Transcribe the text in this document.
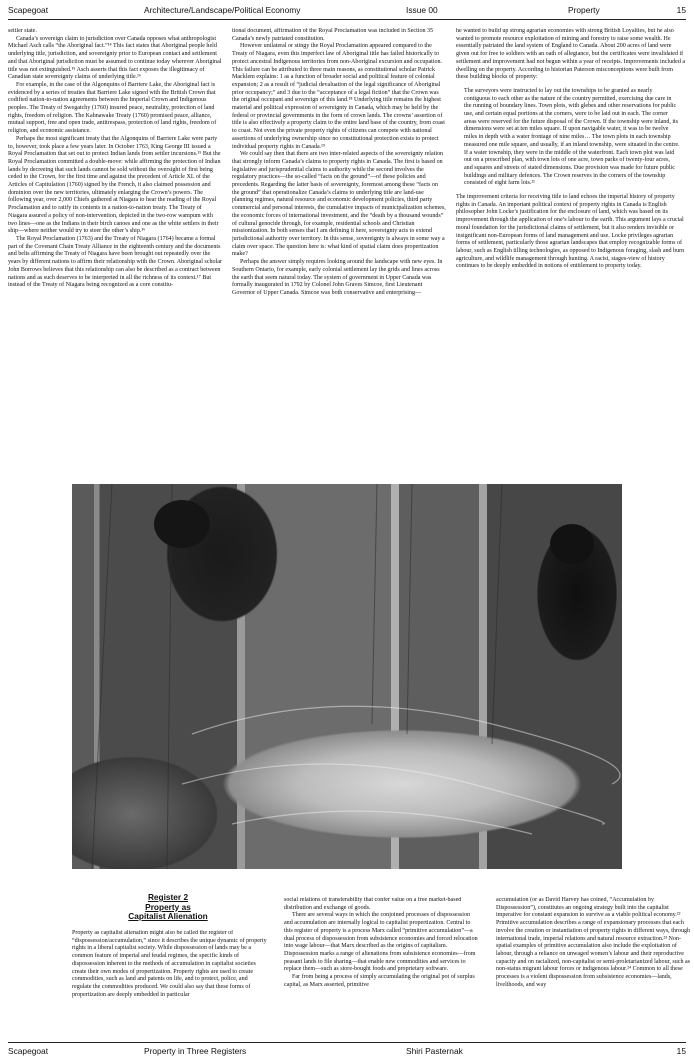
Scapegoat	Architecture/Landscape/Political Economy	Issue 00	Property	15

settler state.

Canada’s sovereign claim to jurisdiction over Canada opposes what anthropologist Michael Asch calls “the Aboriginal fact.”¹⁴ This fact states that Aboriginal people held underlying title, jurisdiction, and sovereignty prior to European contact and settlement and that Aboriginal jurisdiction must be assumed to continue today wherever Aboriginal title was not extinguished.¹⁵ Asch asserts that this fact exposes the illegitimacy of Canadian state sovereignty claims of underlying title.¹⁶

For example, in the case of the Algonquins of Barriere Lake, the Aboriginal fact is evidenced by a series of treaties that Barriere Lake signed with the British Crown that codified nation-to-nation agreements between the Imperial Crown and Indigenous peoples. The Treaty of Swegatchy (1760) insured peace, neutrality, protection of land rights, freedom of religion. The Kahnawake Treaty (1760) promised peace, alliance, mutual support, free and open trade, antitrespass, protection of land rights, freedom of religion, and economic assistance.

Perhaps the most significant treaty that the Algonquins of Barriere Lake were party to, however, took place a few years later. In October 1763, King George III issued a Royal Proclamation that set out to protect Indian lands from settler incursions.¹⁵ But the Royal Proclamation committed a double-move: while affirming the protection of Indian lands by decreeing that such lands cannot be sold without the oversight of first being ceded to the Crown, for the first time and against the precedent of Article XL of the Articles of Capitulation (1760) signed by the French, it also claimed possession and dominion over the new territories, ultimately enlarging the Crown’s powers. The following year, over 2,000 Chiefs gathered at Niagara to hear the reading of the Royal Proclamation and to ratify its contents in a nation-to-nation treaty. The Treaty of Niagara assured a policy of non-intervention, depicted in the two-row wampum with two lines—one as the Indians in their birch canoes and one as the white settlers in their ship—where neither would try to steer the other’s ship.¹⁶

The Royal Proclamation (1763) and the Treaty of Niagara (1764) became a formal part of the Covenant Chain Treaty Alliance in the eighteenth century and the documents and belts affirming the Treaty of Niagara have been brought out repeatedly over the years by different nations to affirm their relationship with the Crown. Aboriginal scholar John Borrows believes that this relationship can also be described as a contract between nations and as such deserves to be interpreted in all the richness of its context.¹⁷ But instead of the Treaty of Niagara being recognized as a core constitu-

tional document, affirmation of the Royal Proclamation was included in Section 35 Canada’s newly patriated constitution.

However unilateral or stingy the Royal Proclamation appeared compared to the Treaty of Niagara, even this imperfect law of Aboriginal title has failed historically to protect ancestral Indigenous territories from non-Aboriginal excursion and occupation. This failure can be attributed to three main reasons, as constitutional scholar Patrick Macklem explains: 1 as a function of broader social and political feature of colonial expansion; 2 as a result of “judicial devaluation of the legal significance of Aboriginal prior occupancy;” and 3 due to the “acceptance of a legal fiction” that the Crown was the original occupant and sovereign of this land.¹⁸ Underlying title remains the highest material and political expression of sovereignty in Canada, which may be held by the federal or provincial governments in the form of crown lands. The crowns’ assertion of title is also effectively a property claim to the entire land base of the country, from coast to coast. Not even the private property rights of citizens can compete with national assertions of underlying ownership since no constitutional protection exists to protect individual property rights in Canada.¹⁹

We could say then that there are two inter-related aspects of the sovereignty relation that strongly inform Canada’s claims to property rights in Canada. The first is based on legislative and jurisprudential claims to authority while the second involves the regulatory practices—the so-called “facts on the ground”—of these policies and precedents. Regarding the latter basis of sovereignty, foremost among these “facts on the ground” that operationalize Canada’s claims to underlying title are land-use planning regimes, natural resource and economic development policies, third party commercial and personal interests, the cumulative impacts of municipalization schemes, the economic forces of international investment, and the “death by a thousand wounds” of cultural genocide through, for example, residential schools and Christian missionization. In both senses that I am defining it here, sovereignty acts to extend jurisdictional authority over territory. In this sense, sovereignty is always in some way a claim over space. The question here is: what kind of spatial claim does propertization make?

Perhaps the answer simply requires looking around the landscape with new eyes. In Southern Ontario, for example, early colonial settlement lay the grids and lines across the earth that seem natural today. The system of government in Upper Canada was formally inaugurated in 1792 by Colonel John Graves Simcoe, first Lieutenant Governor of Upper Canada. Simcoe was both conservative and enterprising—

he wanted to build up strong agrarian economies with strong British Loyalties, but he also wanted to promote resource exploitation of mining and forestry to raise some wealth. He essentially patriated the land system of England to Canada. About 200 acres of land were given out for free to soldiers with an oath of allegiance, but the certificates were invalidated if settlement and improvement had not begun within a year of receipts. Improvements included a dwelling on the property. According to historian Paterson misconceptions were built from these building blocks of property:

The surveyors were instructed to lay out the townships to be granted as nearly contiguous to each other as the nature of the country permitted, exercising due care in the running of boundary lines. Town plots, with glebes and other reservations for public use, and certain equal portions at the corners, were to be laid out in each. The corner areas were reserved for the future disposal of the Crown. If the township were inland, its dimensions were set at ten miles square. If upon navigable water, it was to be twelve miles in depth with a water frontage of nine miles… The town plots in each township measured one mile square, and usually, if an inland township, were situated in the centre. If a water township, they were in the middle of the waterfront. Each town plot was laid out on a prescribed plan, with town lots of one acre, town parks of twenty-four acres, and squares and streets of stated dimensions. Due provision was made for future public buildings and military defences. The Crown reserves in the corners of the township consisted of eight farm lots.²¹

The improvement criteria for receiving title to land echoes the imperial history of property rights in Canada. An important political context of property rights in Canada is English philosopher John Locke’s justification for the enclosure of land, which was based on its improvement through the application of one’s labour to the earth. This argument lays a crucial moral foundation for the jurisdictional claims of settlement, but it also renders invisible or insignificant non-European forms of land management and use. Locke privileges agrarian forms of settlement, particularly those agrarian landscapes that employ recognizable forms of labour, such as English tilling technologies, as opposed to Indigenous foraging, slash and burn agriculture, and wildlife management through hunting. A racist, stages-view of history continues to be deeply embedded in notions of entitlement to property today.

Register 2
Property as
Capitalist Alienation

Property as capitalist alienation might also be called the register of “dispossession/accumulation,” since it describes the unique dynamic of property rights in a liberal capitalist society. While dispossession of lands may be a common feature of imperial and feudal regimes, the specific kinds of dispossession inherent to the methods of accumulation in capitalist societies create their own modes of propertization. Property rights are used to create commodities, such as land and patents on life, and to protect, police, and regulate the commodities produced. We could also say that these forms of propertization are deeply embedded in particular

social relations of transferability that confer value on a free market-based distribution and exchange of goods.

There are several ways in which the conjoined processes of dispossession and accumulation are internally logical to capitalist propertization. Central to this register of property is a process Marx called “primitive accumulation”—a dual process of dispossession from subsistence economies and forced relocation into wage labour—that Marx described as the origins of capitalism. Dispossession marks a range of alienations from subsistence economies—from peasant lands to file sharing—that enable new commodities and services to replace them—such as store-bought foods and proprietary software.

Far from being a process of simply accumulating the original pot of surplus capital, as Marx asserted, primitive

accumulation (or as David Harvey has coined, “Accumulation by Dispossession”), constitutes an ongoing strategy built into the capitalist imperative for constant expansion to survive as a viable political economy.²² Primitive accumulation describes a range of expansionary processes that each involve the creation or instantiation of property rights in different ways, through international trade, imperial relations and natural resource extraction.²³ Non-spatial examples of primitive accumulation also include the exploitation of labour, through a reliance on unwaged women’s labour and their reproductive capacity and on racialized, non-capitalist or semi-proletarianized labour, such as non-status migrant labour forces or indigenous labour.²⁴ Common to all these processes is a violent dispossession from subsistence economies—lands, livelihoods, and way

Scapegoat	Property in Three Registers	Shiri Pasternak	15
